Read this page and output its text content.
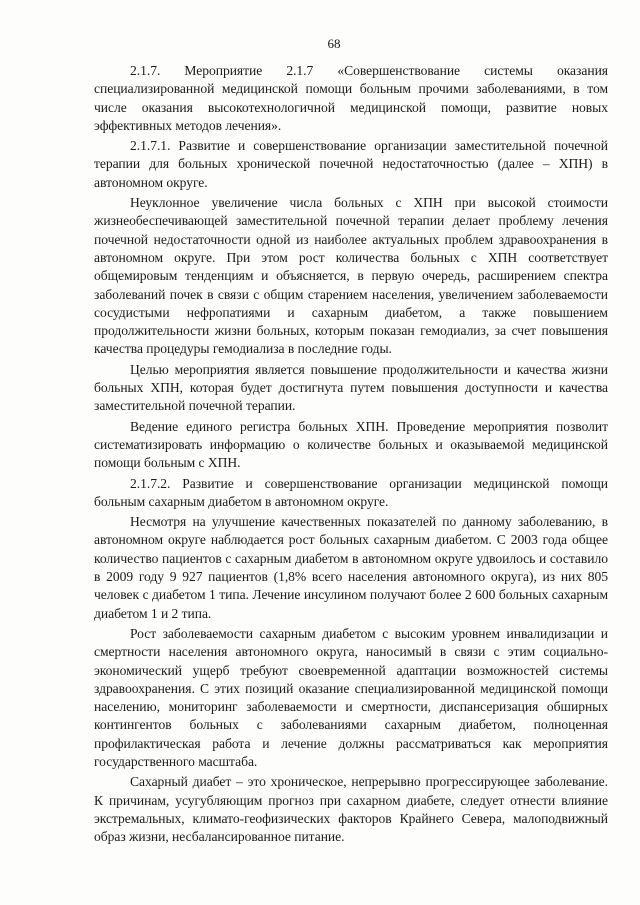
68

2.1.7. Мероприятие 2.1.7 «Совершенствование системы оказания специализированной медицинской помощи больным прочими заболеваниями, в том числе оказания высокотехнологичной медицинской помощи, развитие новых эффективных методов лечения».

2.1.7.1. Развитие и совершенствование организации заместительной почечной терапии для больных хронической почечной недостаточностью (далее – ХПН) в автономном округе.

Неуклонное увеличение числа больных с ХПН при высокой стоимости жизнеобеспечивающей заместительной почечной терапии делает проблему лечения почечной недостаточности одной из наиболее актуальных проблем здравоохранения в автономном округе. При этом рост количества больных с ХПН соответствует общемировым тенденциям и объясняется, в первую очередь, расширением спектра заболеваний почек в связи с общим старением населения, увеличением заболеваемости сосудистыми нефропатиями и сахарным диабетом, а также повышением продолжительности жизни больных, которым показан гемодиализ, за счет повышения качества процедуры гемодиализа в последние годы.

Целью мероприятия является повышение продолжительности и качества жизни больных ХПН, которая будет достигнута путем повышения доступности и качества заместительной почечной терапии.

Ведение единого регистра больных ХПН. Проведение мероприятия позволит систематизировать информацию о количестве больных и оказываемой медицинской помощи больным с ХПН.

2.1.7.2. Развитие и совершенствование организации медицинской помощи больным сахарным диабетом в автономном округе.

Несмотря на улучшение качественных показателей по данному заболеванию, в автономном округе наблюдается рост больных сахарным диабетом. С 2003 года общее количество пациентов с сахарным диабетом в автономном округе удвоилось и составило в 2009 году 9 927 пациентов (1,8% всего населения автономного округа), из них 805 человек с диабетом 1 типа. Лечение инсулином получают более 2 600 больных сахарным диабетом 1 и 2 типа.

Рост заболеваемости сахарным диабетом с высоким уровнем инвалидизации и смертности населения автономного округа, наносимый в связи с этим социально-экономический ущерб требуют своевременной адаптации возможностей системы здравоохранения. С этих позиций оказание специализированной медицинской помощи населению, мониторинг заболеваемости и смертности, диспансеризация обширных контингентов больных с заболеваниями сахарным диабетом, полноценная профилактическая работа и лечение должны рассматриваться как мероприятия государственного масштаба.

Сахарный диабет – это хроническое, непрерывно прогрессирующее заболевание. К причинам, усугубляющим прогноз при сахарном диабете, следует отнести влияние экстремальных, климато-геофизических факторов Крайнего Севера, малоподвижный образ жизни, несбалансированное питание.
